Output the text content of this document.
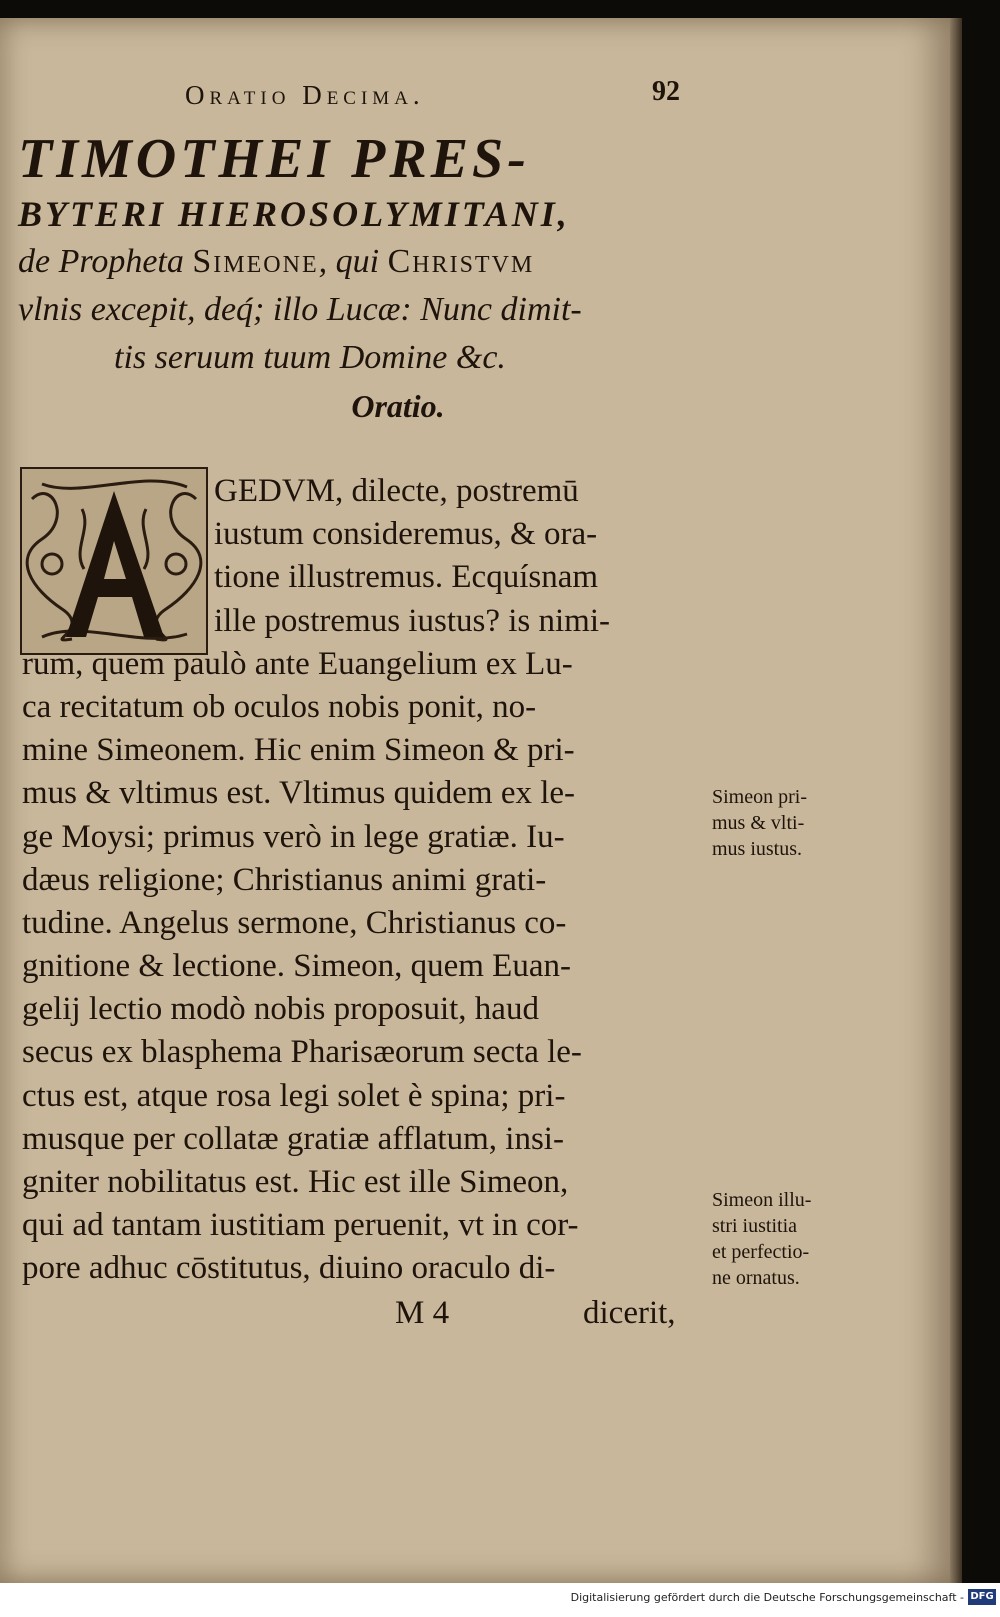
Oratio Decima.	92
TIMOTHEI PRES-
BYTERI HIEROSOLYMITANI,
de Propheta Simeone, qui Christvm
vlnis excepit, deq́; illo Lucæ: Nunc dimit-
tis seruum tuum Domine &c.
Oratio.
GEDVM, dilecte, postremū
iustum consideremus, & ora-
tione illustremus. Ecquísnam
ille postremus iustus? is nimi-
rum, quem paulò ante Euangelium ex Lu-
ca recitatum ob oculos nobis ponit, no-
mine Simeonem. Hic enim Simeon & pri-
mus & vltimus est. Vltimus quidem ex le-
ge Moysi; primus verò in lege gratiæ. Iu-
dæus religione; Christianus animi grati-
tudine. Angelus sermone, Christianus co-
gnitione & lectione. Simeon, quem Euan-
gelij lectio modò nobis proposuit, haud
secus ex blasphema Pharisæorum secta le-
ctus est, atque rosa legi solet è spina; pri-
musque per collatæ gratiæ afflatum, insi-
gniter nobilitatus est. Hic est ille Simeon,
qui ad tantam iustitiam peruenit, vt in cor-
pore adhuc cōstitutus, diuino oraculo di-
M 4	dicerit,
Simeon pri-
mus & vlti-
mus iustus.
Simeon illu-
stri iustitia
et perfectio-
ne ornatus.
Digitalisierung gefördert durch die Deutsche Forschungsgemeinschaft - DFG
